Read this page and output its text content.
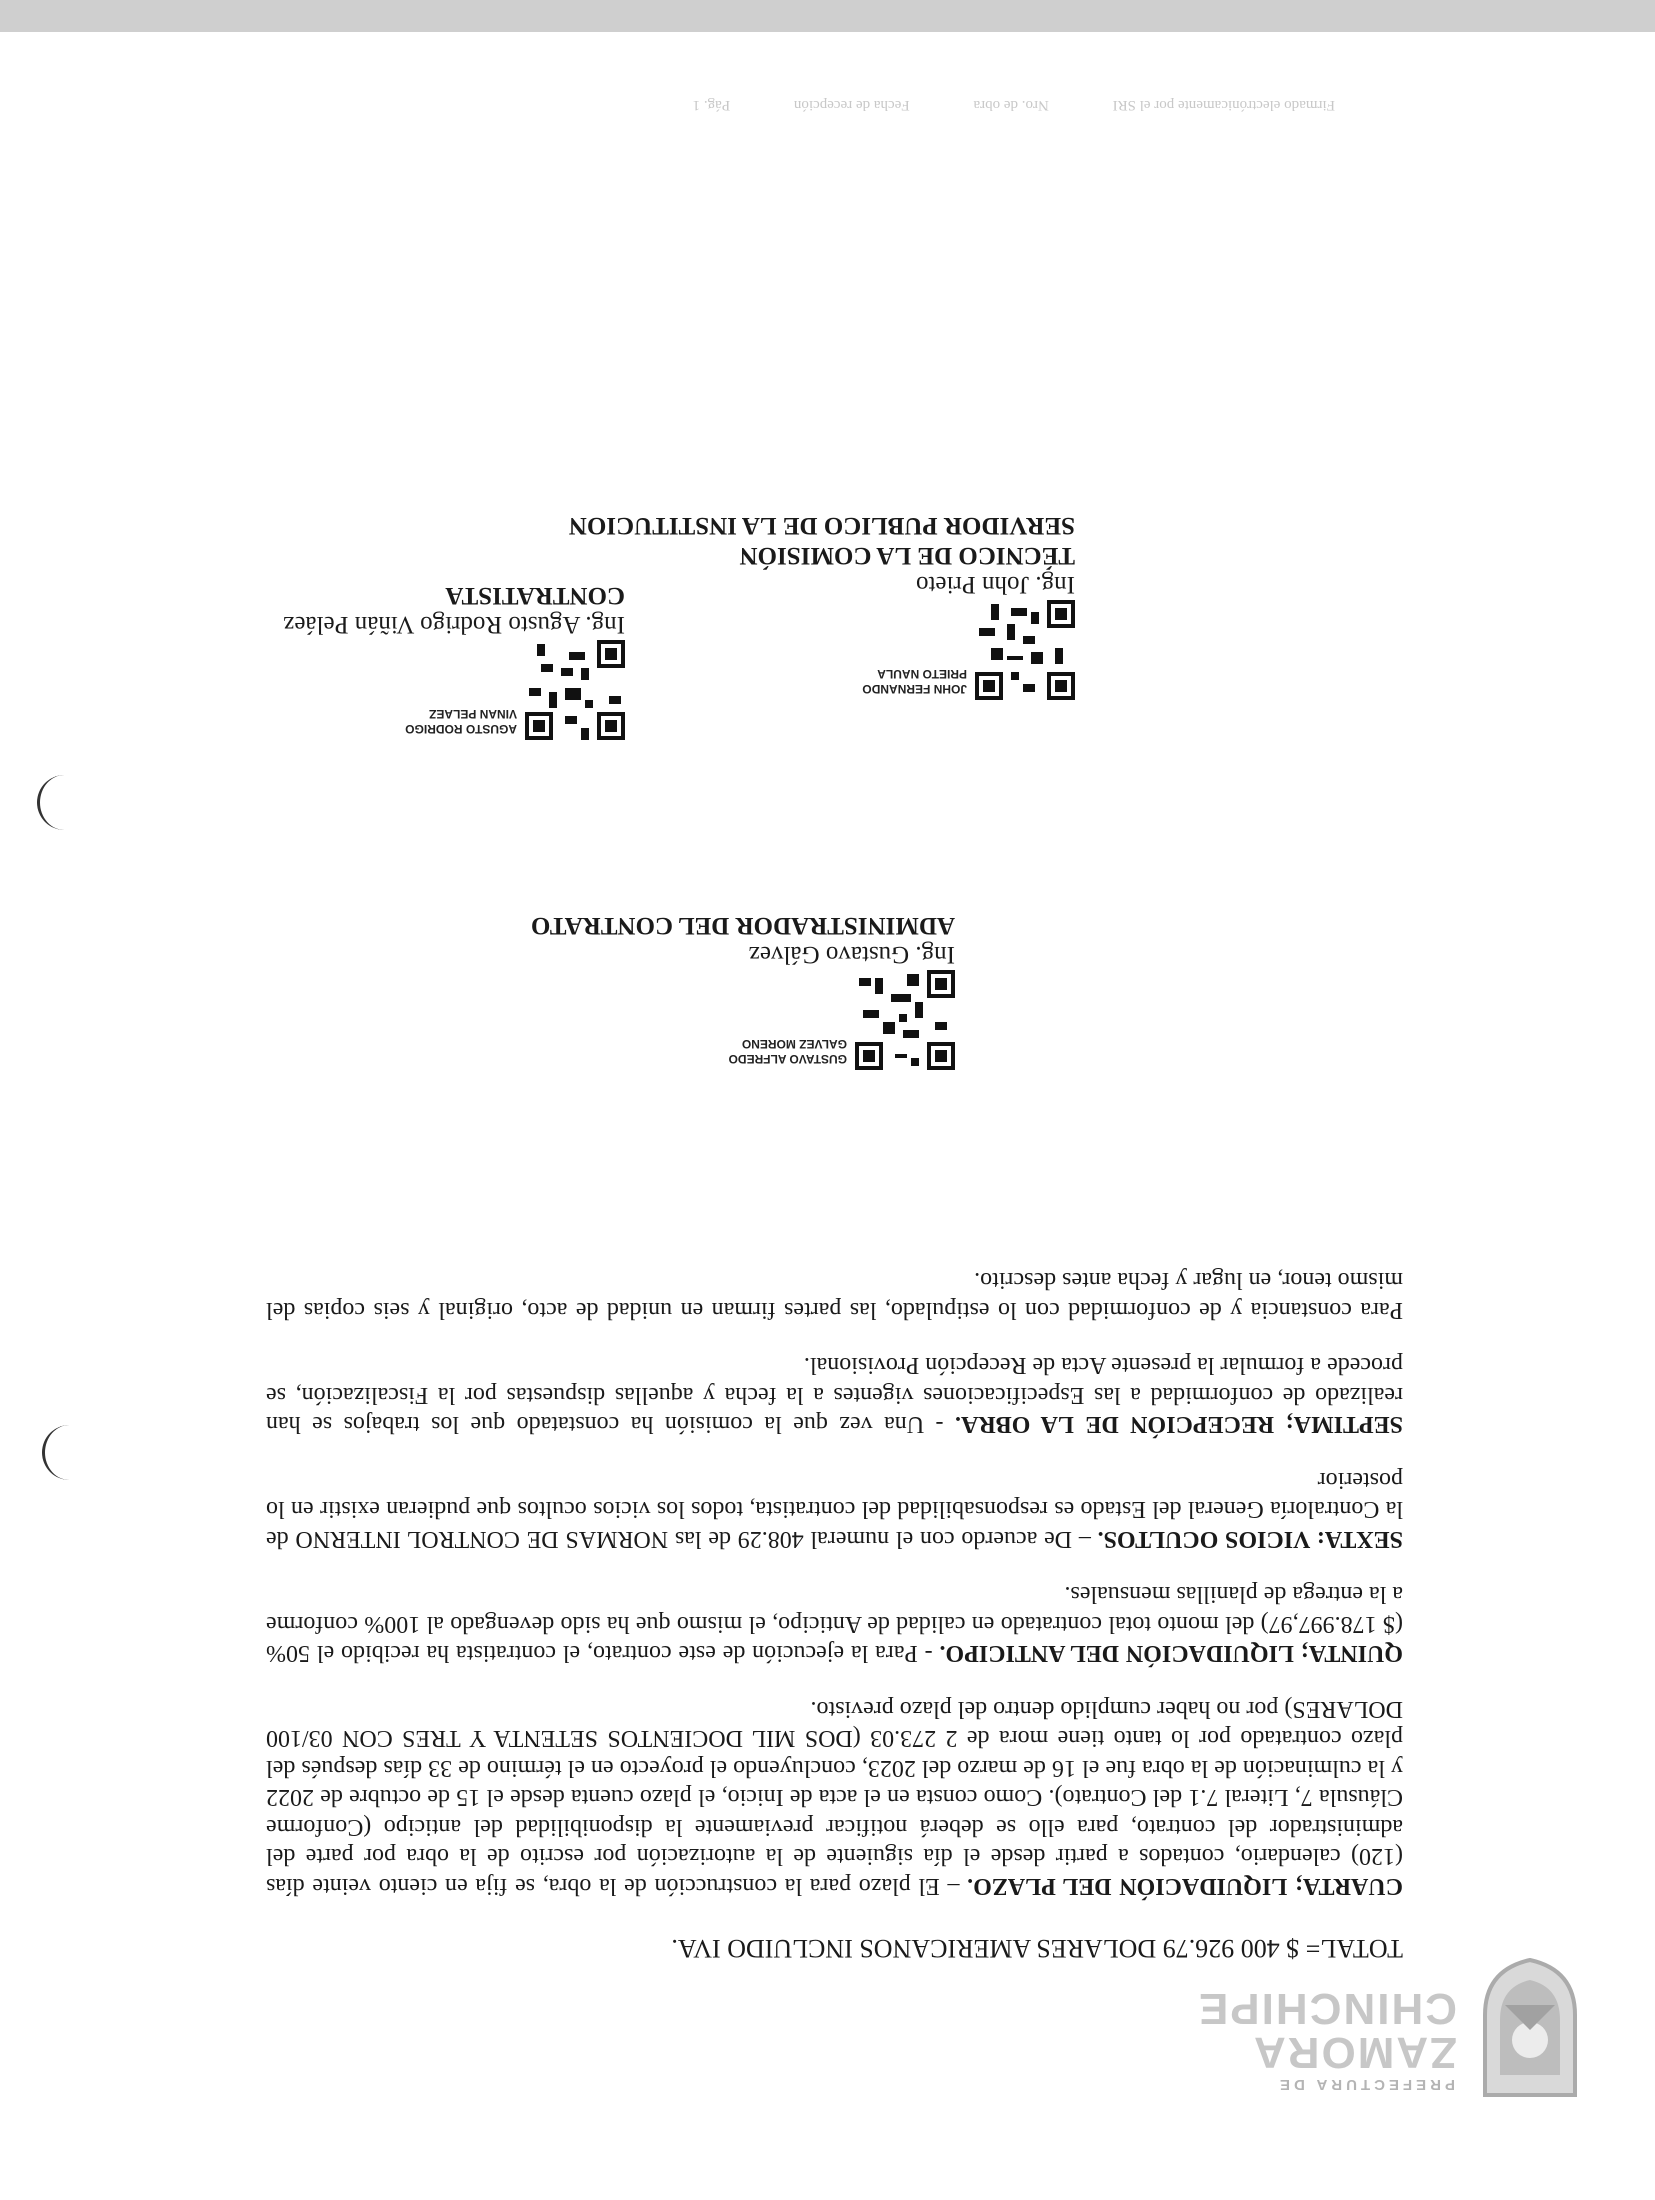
Firmado electrónicamente por el SRI Nro. de obra Fecha de recepción Pág. 1
PREFECTURA DE
ZAMORA
CHINCHIPE
TOTAL= $ 400 926.79 DOLARES AMERICANOS INCLUIDO IVA.

CUARTA; LIQUIDACIÓN DEL PLAZO. – El plazo para la construcción de la obra, se fija en ciento veinte días (120) calendario, contados a partir desde el día siguiente de la autorización por escrito de la obra por parte del administrador del contrato, para ello se deberá notificar previamente la disponibilidad del anticipo (Conforme Cláusula 7, Literal 7.1 del Contrato). Como consta en el acta de Inicio, el plazo cuenta desde el 15 de octubre de 2022 y la culminación de la obra fue el 16 de marzo del 2023, concluyendo el proyecto en el término de 33 días después del plazo contratado por lo tanto tiene mora de 2 273.03 (DOS MIL DOCIENTOS SETENTA Y TRES CON 03/100 DOLARES) por no haber cumplido dentro del plazo previsto.

QUINTA; LIQUIDACIÓN DEL ANTICIPO. - Para la ejecución de este contrato, el contratista ha recibido el 50% ($ 178.997,97) del monto total contratado en calidad de Anticipo, el mismo que ha sido devengado al 100% conforme a la entrega de planillas mensuales.

SEXTA: VICIOS OCULTOS. – De acuerdo con el numeral 408.29 de las NORMAS DE CONTROL INTERNO de la Contraloría General del Estado es responsabilidad del contratista, todos los vicios ocultos que pudieran existir en lo posterior

SEPTIMA; RECEPCIÓN DE LA OBRA. - Una vez que la comisión ha constatado que los trabajos se han realizado de conformidad a las Especificaciones vigentes a la fecha y aquellas dispuestas por la Fiscalización, se procede a formular la presente Acta de Recepción Provisional.

Para constancia y de conformidad con lo estipulado, las partes firman en unidad de acto, original y seis copias del mismo tenor, en lugar y fecha antes descrito.

GUSTAVO ALFREDO
GALVEZ MORENO
Ing. Gustavo Gálvez
ADMINISTRADOR DEL CONTRATO
JOHN FERNANDO
PRIETO NAULA
Ing. John Prieto
TÉCNICO DE LA COMISIÓN
SERVIDOR PUBLICO DE LA INSTITUCION
AGUSTO RODRIGO
VINAN PELAEZ
Ing. Agusto Rodrigo Viñán Peláez
CONTRATISTA
